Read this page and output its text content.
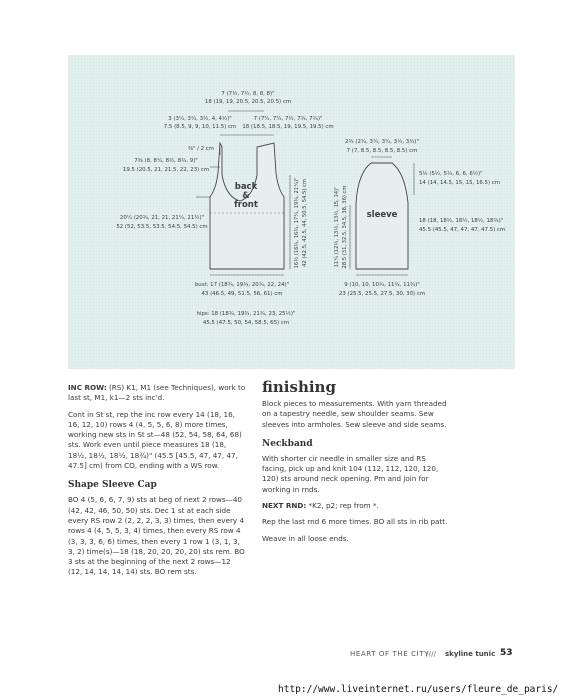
back
&
front
7 (7½, 7½, 8, 8, 8)"
18 (19, 19, 20.5, 20.5, 20.5) cm
3 (3¼, 3¼, 3½, 4, 4½)"
7.5 (8.5, 9, 9, 10, 11.5) cm
7 (7¼, 7¼, 7½, 7¾, 7¾)"
18 (18.5, 18.5, 19, 19.5, 19.5) cm
⅜" / 2 cm
7⅜ (8, 8¼, 8½, 8¾, 9)"
19.5 (20.5, 21, 21.5, 22, 23) cm
20¼ (20¾, 21, 21, 21¼, 21½)"
52 (52, 53.5, 53.5, 54.5, 54.5) cm	16½ (16¾, 16¾, 17¼, 19¾, 21¼)" 42 (42.5, 42.5, 44, 50.5, 54.5) cm
bust: 17 (18¾, 19¾, 20¾, 22, 24)"
43 (46.5, 49, 51.5, 56, 61) cm
hips: 18 (18¾, 19¾, 21¾, 23, 25½)"
45.5 (47.5, 50, 54, 58.5, 65) cm
sleeve
2¾ (2¾, 3¼, 3¼, 3½, 3½)"
7 (7, 8.5, 8.5, 8.5, 8.5) cm
5½ (5½, 5¾, 6, 6, 6½)"
14 (14, 14.5, 15, 15, 16.5) cm
18 (18, 18½, 18½, 18½, 18¾)"
45.5 (45.5, 47, 47, 47, 47.5) cm
11¼ (12½, 13½, 13½, 15, 14)" 28.5 (31, 32.5, 34.5, 38, 36) cm
9 (10, 10, 10¾, 11¾, 11¾)"
23 (25.5, 25.5, 27.5, 30, 30) cm

INC ROW: (RS) K1, M1 (see Techniques), work to last st, M1, k1—2 sts inc'd.

Cont in St st, rep the inc row every 14 (18, 16, 16, 12, 10) rows 4 (4, 5, 5, 6, 8) more times, working new sts in St st—48 (52, 54, 58, 64, 68) sts. Work even until piece measures 18 (18, 18½, 18½, 18½, 18¾)" (45.5 [45.5, 47, 47, 47, 47.5] cm) from CO, ending with a WS row.

Shape Sleeve Cap

BO 4 (5, 6, 6, 7, 9) sts at beg of next 2 rows—40 (42, 42, 46, 50, 50) sts. Dec 1 st at each side every RS row 2 (2, 2, 2, 3, 3) times, then every 4 rows 4 (4, 5, 5, 3, 4) times, then every RS row 4 (3, 3, 3, 6, 6) times, then every 1 row 1 (3, 1, 3, 3, 2) time(s)—18 (18, 20, 20, 20, 20) sts rem. BO 3 sts at the beginning of the next 2 rows—12 (12, 14, 14, 14, 14) sts. BO rem sts.

finishing

Block pieces to measurements. With yarn threaded on a tapestry needle, sew shoulder seams. Sew sleeves into armholes. Sew sleeve and side seams.

Neckband

With shorter cir needle in smaller size and RS facing, pick up and knit 104 (112, 112, 120, 120, 120) sts around neck opening. Pm and join for working in rnds.

NEXT RND: *K2, p2; rep from *.

Rep the last rnd 6 more times. BO all sts in rib patt.

Weave in all loose ends.

HEART OF THE CITY
//// skyline tunic 53
http://www.liveinternet.ru/users/fleure_de_paris/
